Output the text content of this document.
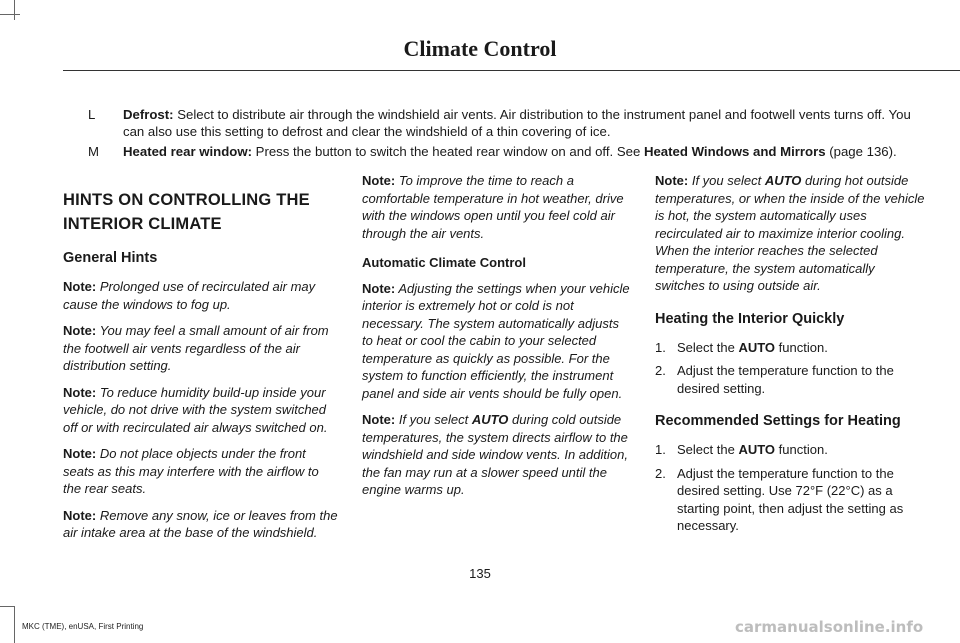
Climate Control
L	Defrost: Select to distribute air through the windshield air vents. Air distribution to the instrument panel and footwell vents turns off. You can also use this setting to defrost and clear the windshield of a thin covering of ice.
M	Heated rear window: Press the button to switch the heated rear window on and off. See Heated Windows and Mirrors (page 136).
HINTS ON CONTROLLING THE
INTERIOR CLIMATE
General Hints
Note: Prolonged use of recirculated air may cause the windows to fog up.
Note: You may feel a small amount of air from the footwell air vents regardless of the air distribution setting.
Note: To reduce humidity build-up inside your vehicle, do not drive with the system switched off or with recirculated air always switched on.
Note: Do not place objects under the front seats as this may interfere with the airflow to the rear seats.
Note: Remove any snow, ice or leaves from the air intake area at the base of the windshield.
Note: To improve the time to reach a comfortable temperature in hot weather, drive with the windows open until you feel cold air through the air vents.
Automatic Climate Control
Note: Adjusting the settings when your vehicle interior is extremely hot or cold is not necessary. The system automatically adjusts to heat or cool the cabin to your selected temperature as quickly as possible. For the system to function efficiently, the instrument panel and side air vents should be fully open.
Note: If you select AUTO during cold outside temperatures, the system directs airflow to the windshield and side window vents. In addition, the fan may run at a slower speed until the engine warms up.
Note: If you select AUTO during hot outside temperatures, or when the inside of the vehicle is hot, the system automatically uses recirculated air to maximize interior cooling. When the interior reaches the selected temperature, the system automatically switches to using outside air.
Heating the Interior Quickly
1. Select the AUTO function.
2. Adjust the temperature function to the desired setting.
Recommended Settings for Heating
1. Select the AUTO function.
2. Adjust the temperature function to the desired setting. Use 72°F (22°C) as a starting point, then adjust the setting as necessary.
135
MKC (TME), enUSA, First Printing	carmanualsonline.info
